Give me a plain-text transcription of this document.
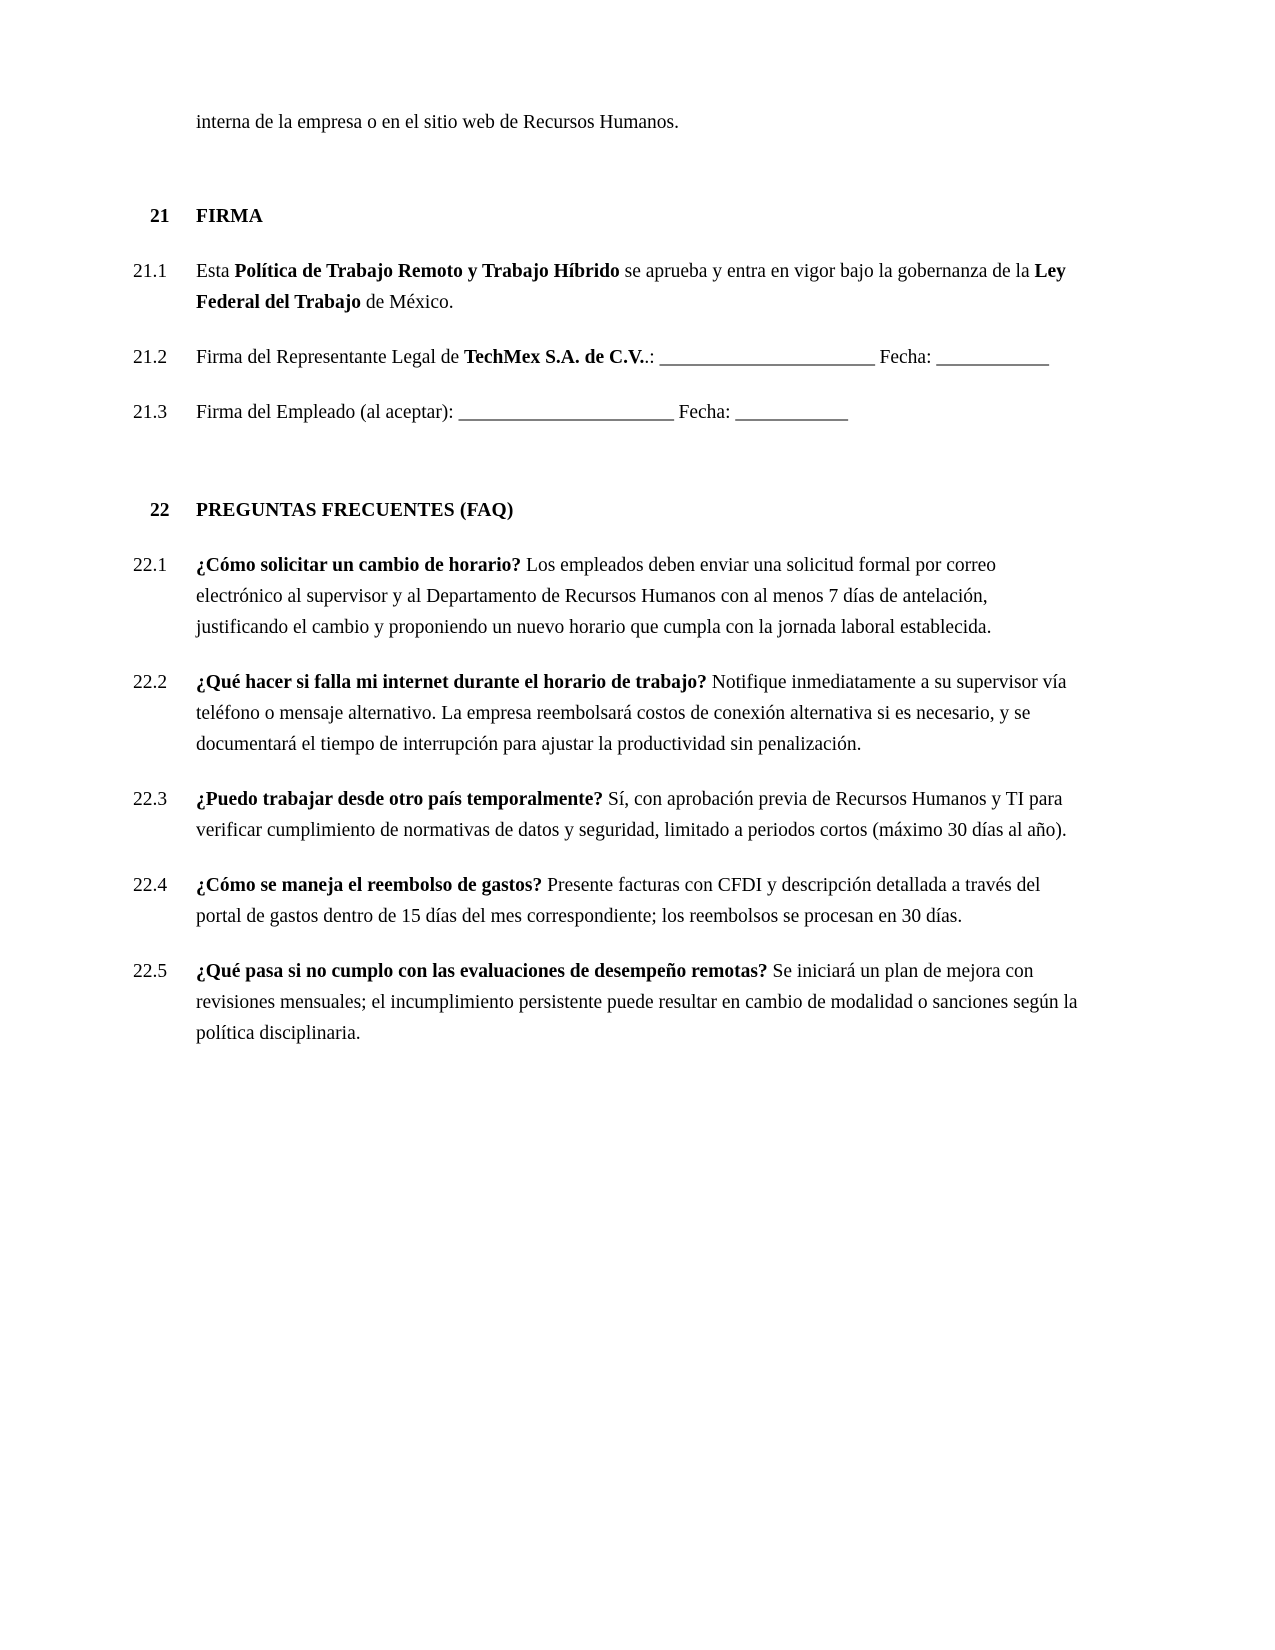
interna de la empresa o en el sitio web de Recursos Humanos.

21	FIRMA
21.1	Esta Política de Trabajo Remoto y Trabajo Híbrido se aprueba y entra en vigor bajo la gobernanza de la Ley Federal del Trabajo de México.
21.2	Firma del Representante Legal de TechMex S.A. de C.V..: _______________________ Fecha: ____________
21.3	Firma del Empleado (al aceptar): _______________________ Fecha: ____________
22	PREGUNTAS FRECUENTES (FAQ)
22.1	¿Cómo solicitar un cambio de horario? Los empleados deben enviar una solicitud formal por correo electrónico al supervisor y al Departamento de Recursos Humanos con al menos 7 días de antelación, justificando el cambio y proponiendo un nuevo horario que cumpla con la jornada laboral establecida.
22.2	¿Qué hacer si falla mi internet durante el horario de trabajo? Notifique inmediatamente a su supervisor vía teléfono o mensaje alternativo. La empresa reembolsará costos de conexión alternativa si es necesario, y se documentará el tiempo de interrupción para ajustar la productividad sin penalización.
22.3	¿Puedo trabajar desde otro país temporalmente? Sí, con aprobación previa de Recursos Humanos y TI para verificar cumplimiento de normativas de datos y seguridad, limitado a periodos cortos (máximo 30 días al año).
22.4	¿Cómo se maneja el reembolso de gastos? Presente facturas con CFDI y descripción detallada a través del portal de gastos dentro de 15 días del mes correspondiente; los reembolsos se procesan en 30 días.
22.5	¿Qué pasa si no cumplo con las evaluaciones de desempeño remotas? Se iniciará un plan de mejora con revisiones mensuales; el incumplimiento persistente puede resultar en cambio de modalidad o sanciones según la política disciplinaria.
